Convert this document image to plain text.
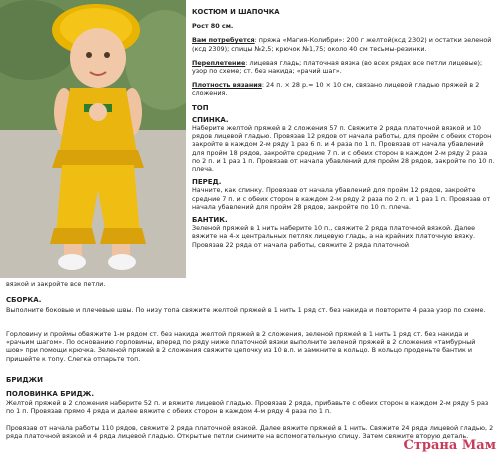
КОСТЮМ И ШАПОЧКА

Рост 80 см.

Вам потребуется: пряжа «Магия-Колибри»: 200 г желтой(ксд 2302) и остатки зеленой (ксд 2309); спицы №2,5; крючок №1,75; около 40 см тесьмы-резинки.

Переплетение: лицевая гладь; платочная вязка (во всех рядах все петли лицевые); узор по схеме; ст. без накида; «рачий шаг».

Плотность вязания: 24 п. × 28 р.= 10 × 10 см, связано лицевой гладью пряжей в 2 сложения.

ТОП

СПИНКА.

Наберите желтой пряжей в 2 сложения 57 п. Свяжите 2 ряда платочной вязкой и 10 рядов лицевой гладью. Провязав 12 рядов от начала работы, для пройм с обеих сторон закройте в каждом 2-м ряду 1 раз 6 п. и 4 раза по 1 п. Провязав от начала убавлений для пройм 18 рядов, закройте средние 7 п. и с обеих сторон в каждом 2-м ряду 2 раза по 2 п. и 1 раз 1 п. Провязав от начала убавлений для пройм 28 рядов, закройте по 10 п. плеча.

ПЕРЕД.

Начните, как спинку. Провязав от начала убавлений для пройм 12 рядов, закройте средние 7 п. и с обеих сторон в каждом 2-м ряду 2 раза по 2 п. и 1 раз 1 п. Провязав от начала убавлений для пройм 28 рядов, закройте по 10 п. плеча.

БАНТИК.

Зеленой пряжей в 1 нить наберите 10 п., свяжите 2 ряда платочной вязкой. Далее вяжите на 4-х центральных петлях лицевую гладь, а на крайних платочную вязку. Провязав 22 ряда от начала работы, свяжите 2 ряда платочной

вязкой и закройте все петли.

СБОРКА.

Выполните боковые и плечевые швы. По низу топа свяжите желтой пряжей в 1 нить 1 ряд ст. без накида и повторите 4 раза узор по схеме.

Горловину и проймы обвяжите 1-м рядом ст. без накида желтой пряжей в 2 сложения, зеленой пряжей в 1 нить 1 ряд ст. без накида и «рачьим шагом». По основанию горловины, вперед по ряду ниже платочной вязки выполните зеленой пряжей в 2 сложения «тамбурный шов» при помощи крючка. Зеленой пряжей в 2 сложения свяжите цепочку из 10 в.п. и замкните в кольцо. В кольцо проденьте бантик и пришейте к топу. Слегка отпарьте топ.

БРИДЖИ

ПОЛОВИНКА БРИДЖ.

Желтой пряжей в 2 сложения наберите 52 п. и вяжите лицевой гладью. Провязав 2 ряда, прибавьте с обеих сторон в каждом 2-м ряду 5 раз по 1 п. Провязав прямо 4 ряда и далее вяжите с обеих сторон в каждом 4-м ряду 4 раза по 1 п.

Провязав от начала работы 110 рядов, свяжите 2 ряда платочной вязкой. Далее вяжите пряжей в 1 нить. Свяжите 24 ряда лицевой гладью, 2 ряда платочной вязкой и 4 ряда лицевой гладью. Открытые петли снимите на вспомогательную спицу. Затем свяжите вторую деталь.

Страна Мам
